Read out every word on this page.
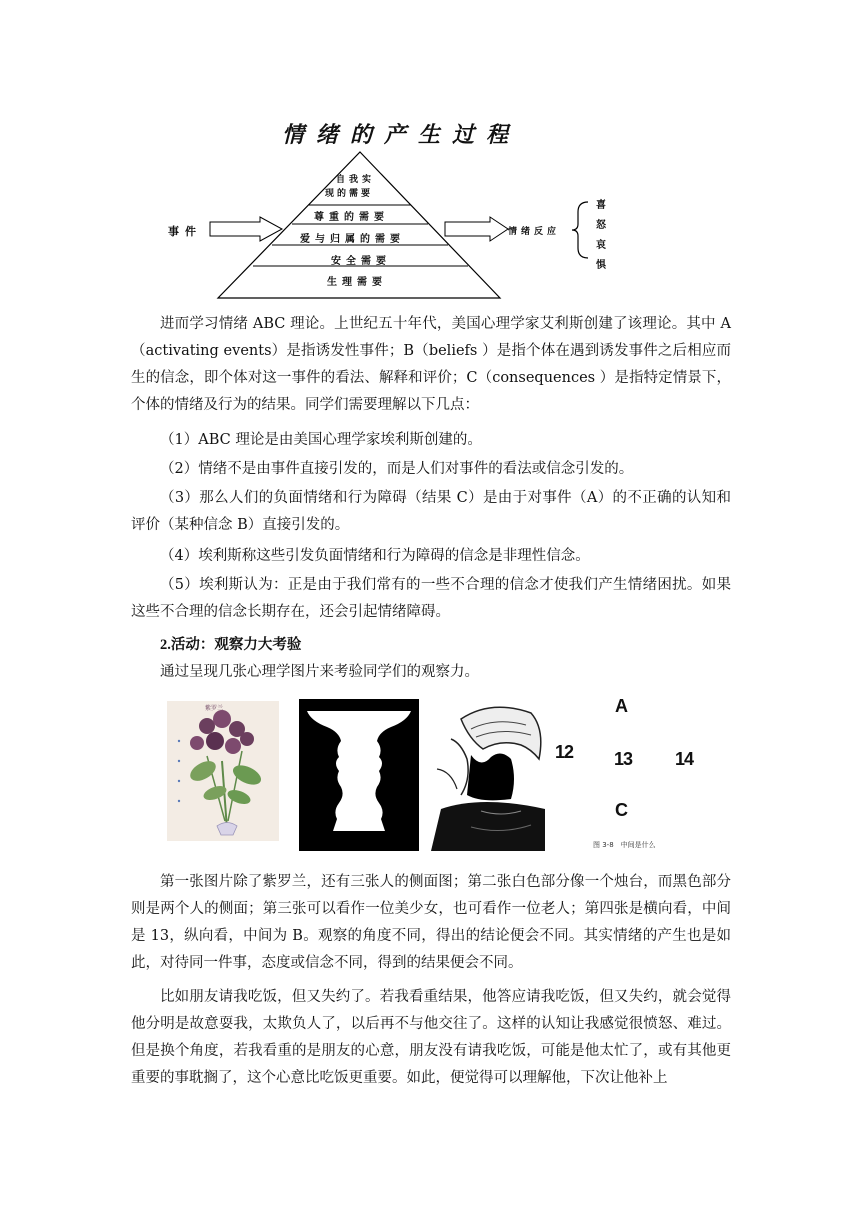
情绪的产生过程
自我实
现的需要
尊重的需要
爱与归属的需要
安全需要
生理需要
事件	情绪反应
喜
怒
哀
惧
进而学习情绪 ABC 理论。上世纪五十年代，美国心理学家艾利斯创建了该理论。其中 A（activating events）是指诱发性事件；B（beliefs ）是指个体在遇到诱发事件之后相应而生的信念，即个体对这一事件的看法、解释和评价；C（consequences ）是指特定情景下，个体的情绪及行为的结果。同学们需要理解以下几点：
（1）ABC 理论是由美国心理学家埃利斯创建的。
（2）情绪不是由事件直接引发的，而是人们对事件的看法或信念引发的。
（3）那么人们的负面情绪和行为障碍（结果 C）是由于对事件（A）的不正确的认知和评价（某种信念 B）直接引发的。
（4）埃利斯称这些引发负面情绪和行为障碍的信念是非理性信念。
（5）埃利斯认为：正是由于我们常有的一些不合理的信念才使我们产生情绪困扰。如果这些不合理的信念长期存在，还会引起情绪障碍。
2.活动：观察力大考验
通过呈现几张心理学图片来考验同学们的观察力。
紫罗兰	A
12 13 14
C
图 3-8　中间是什么
第一张图片除了紫罗兰，还有三张人的侧面图；第二张白色部分像一个烛台，而黑色部分则是两个人的侧面；第三张可以看作一位美少女，也可看作一位老人；第四张是横向看，中间是 13，纵向看，中间为 B。观察的角度不同，得出的结论便会不同。其实情绪的产生也是如此，对待同一件事，态度或信念不同，得到的结果便会不同。
比如朋友请我吃饭，但又失约了。若我看重结果，他答应请我吃饭，但又失约，就会觉得他分明是故意耍我，太欺负人了，以后再不与他交往了。这样的认知让我感觉很愤怒、难过。但是换个角度，若我看重的是朋友的心意，朋友没有请我吃饭，可能是他太忙了，或有其他更重要的事耽搁了，这个心意比吃饭更重要。如此，便觉得可以理解他，下次让他补上
